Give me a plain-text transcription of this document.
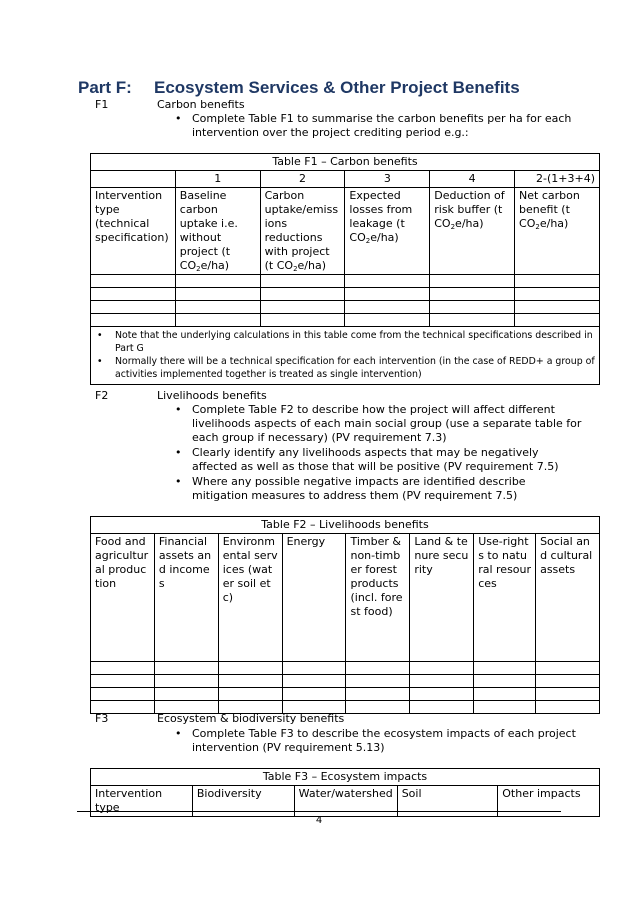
Part F: Ecosystem Services & Other Project Benefits
F1	Carbon benefits
• Complete Table F1 to summarise the carbon benefits per ha for each intervention over the project crediting period e.g.:
Table F1 – Carbon benefits					
	1	2	3	4	2-(1+3+4)
Intervention type (technical specification)	Baseline carbon uptake i.e. without project (t $CO_2e/ha$)	Carbon uptake/emissions reductions with project (t $CO_2e/ha$)	Expected losses from leakage (t $CO_2e/ha$)	Deduction of risk buffer (t $CO_2e/ha$)	Net carbon benefit (t $CO_2e/ha$)

• Note that the underlying calculations in this table come from the technical specifications described in Part G
• Normally there will be a technical specification for each intervention (in the case of REDD+ a group of activities implemented together is treated as single intervention)					
F2	Livelihoods benefits
• Complete Table F2 to describe how the project will affect different livelihoods aspects of each main social group (use a separate table for each group if necessary) (PV requirement 7.3)
• Clearly identify any livelihoods aspects that may be negatively affected as well as those that will be positive (PV requirement 7.5)
• Where any possible negative impacts are identified describe mitigation measures to address them (PV requirement 7.5)
Table F2 – Livelihoods benefits							
Food and agricultural production	Financial assets and incomes	Environmental services (water soil etc)	Energy	Timber & non-timber forest products (incl. forest food)	Land & tenure security	Use-rights to natural resources	Social and cultural assets

F3	Ecosystem & biodiversity benefits
• Complete Table F3 to describe the ecosystem impacts of each project intervention (PV requirement 5.13)
Table F3 – Ecosystem impacts
Intervention type	Biodiversity	Water/watershed	Soil	Other impacts
4
